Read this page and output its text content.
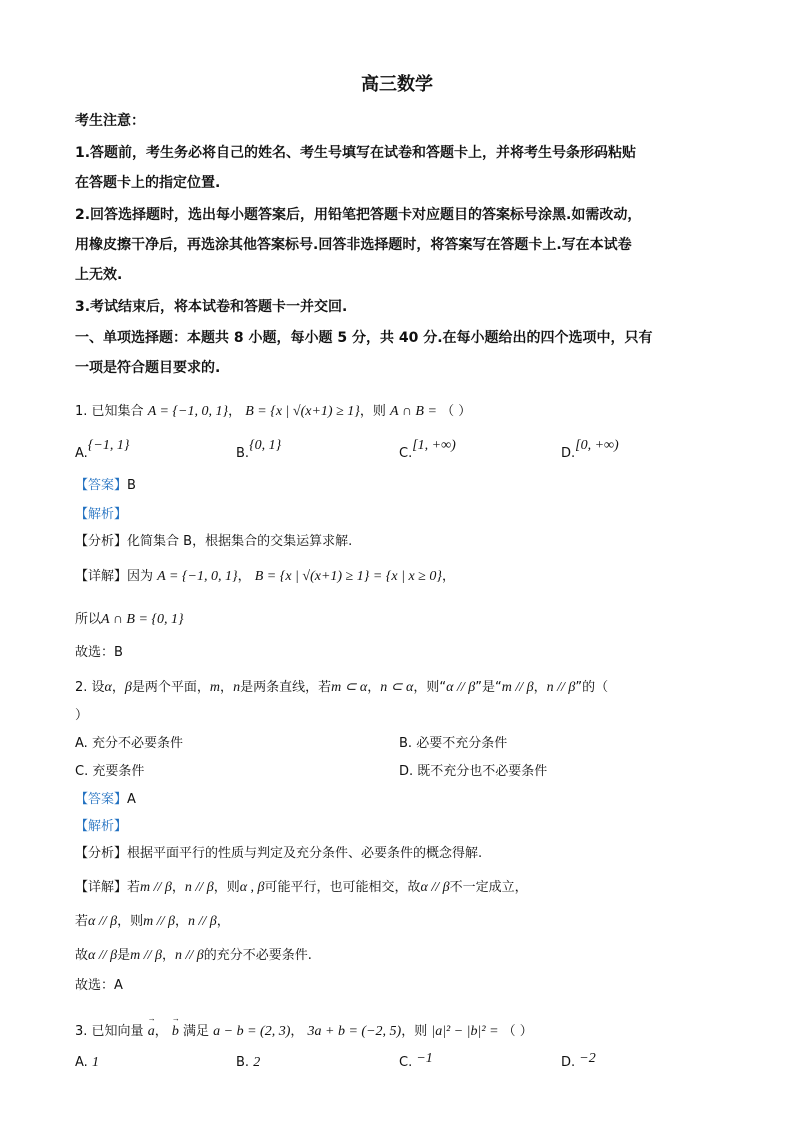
高三数学
考生注意：
1.答题前，考生务必将自己的姓名、考生号填写在试卷和答题卡上，并将考生号条形码粘贴
在答题卡上的指定位置.
2.回答选择题时，选出每小题答案后，用铅笔把答题卡对应题目的答案标号涂黑.如需改动，
用橡皮擦干净后，再选涂其他答案标号.回答非选择题时，将答案写在答题卡上.写在本试卷
上无效.
3.考试结束后，将本试卷和答题卡一并交回.
一、单项选择题：本题共 8 小题，每小题 5 分，共 40 分.在每小题给出的四个选项中，只有
一项是符合题目要求的.
1. 已知集合 A = {−1, 0, 1}， B = {x | √(x+1) ≥ 1}，则 A ∩ B = （ ）
A.{−1, 1}
B.{0, 1}
C.[1, +∞)
D.[0, +∞)
【答案】B
【解析】
【分析】化简集合 B，根据集合的交集运算求解.
【详解】因为 A = {−1, 0, 1}， B = {x | √(x+1) ≥ 1} = {x | x ≥ 0}，
所以A ∩ B = {0, 1}
故选：B
2. 设α，β是两个平面，m，n是两条直线，若m ⊂ α，n ⊂ α，则“α // β”是“m // β，n // β”的（
）
A. 充分不必要条件	B. 必要不充分条件
C. 充要条件	D. 既不充分也不必要条件
【答案】A
【解析】
【分析】根据平面平行的性质与判定及充分条件、必要条件的概念得解.
【详解】若m // β，n // β，则α , β可能平行，也可能相交，故α // β不一定成立，
若α // β，则m // β，n // β，
故α // β是m // β，n // β的充分不必要条件.
故选：A
3. 已知向量 → a， → b 满足 a − b = (2, 3)， 3a + b = (−2, 5)，则 |a|² − |b|² = （ ）
A. 1	B. 2	C. −1	D. −2
